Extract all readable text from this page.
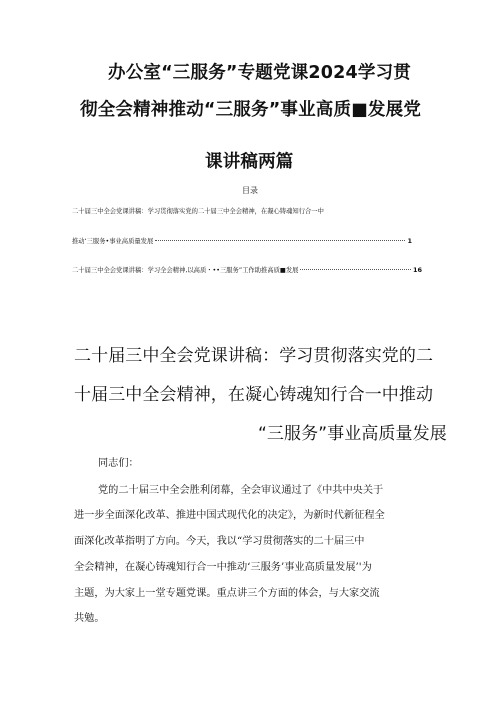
办公室“三服务”专题党课2024学习贯
彻全会精神推动“三服务”事业高质■发展党
课讲稿两篇
目录
二十届三中全会党课讲稿：学习贯彻落实党的二十届三中全会精神，在凝心铸魂知行合一中
推动‘三服务•事业高质量发展	1
二十届三中全会党课讲稿：学习全会精神,以高质・••三服务”工作助推高质■发展	16
二十届三中全会党课讲稿：学习贯彻落实党的二
十届三中全会精神，在凝心铸魂知行合一中推动
“三服务”事业高质量发展
同志们：
党的二十届三中全会胜利闭幕，全会审议通过了《中共中央关于
进一步全面深化改革、推进中国式现代化的决定》，为新时代新征程全
面深化改革指明了方向。今天，我以“学习贯彻落实的二十届三中
全会精神，在凝心铸魂知行合一中推动‘三服务’事业高质量发展’'为
主题，为大家上一堂专题党课。重点讲三个方面的体会，与大家交流
共勉。
